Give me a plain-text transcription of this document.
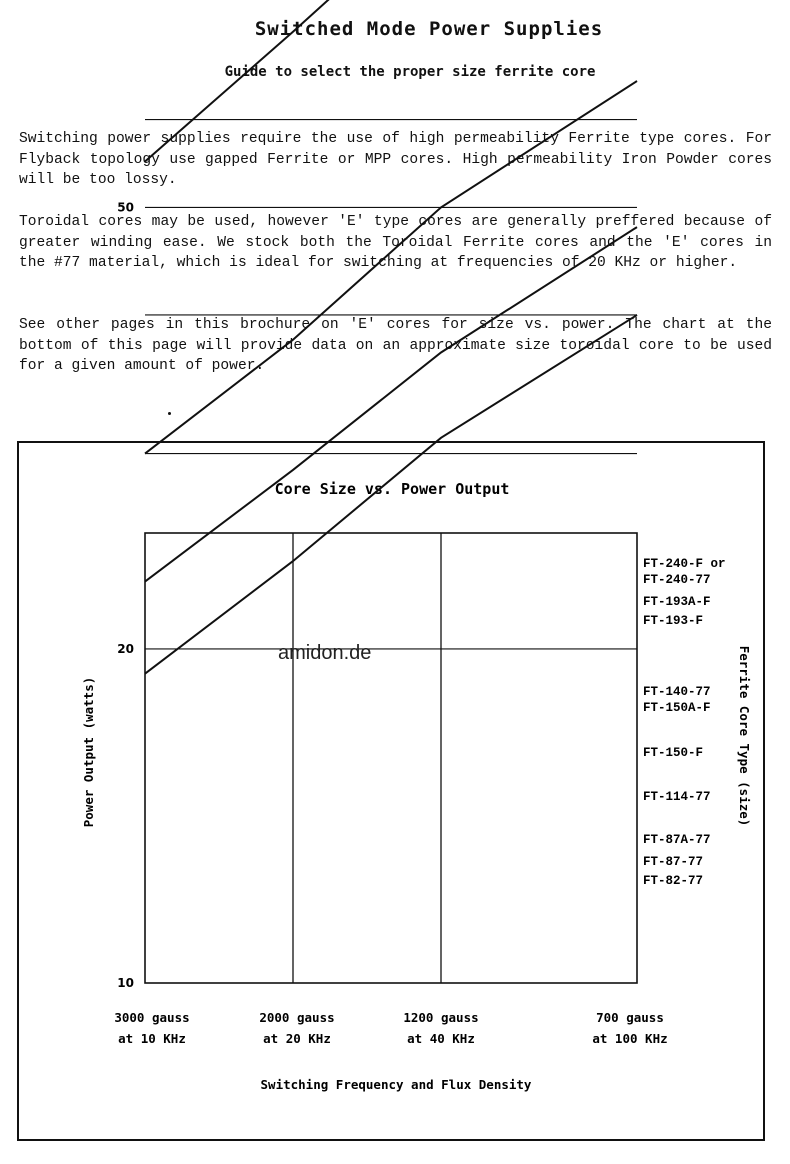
Switched Mode Power Supplies
Guide to select the proper size ferrite core

Switching power supplies require the use of high permeability Ferrite type cores. For Flyback topology use gapped Ferrite or MPP cores. High permeability Iron Powder cores will be too lossy.

Toroidal cores may be used, however 'E' type cores are generally preffered because of greater winding ease. We stock both the Toroidal Ferrite cores and the 'E' cores in the #77 material, which is ideal for switching at frequencies of 20 KHz or higher.

See other pages in this brochure on 'E' cores for size vs. power. The chart at the bottom of this page will provide data on an approximate size toroidal core to be used for a given amount of power.

Core Size vs. Power Output
10
20
50
3000 gauss
at 10 KHz
2000 gauss
at 20 KHz
1200 gauss
at 40 KHz
700 gauss
at 100 KHz
FT-240-F or
FT-240-77
FT-193A-F
FT-193-F
FT-140-77
FT-150A-F
FT-150-F
FT-114-77
FT-87A-77
FT-87-77
FT-82-77
Power Output (watts)	Ferrite Core Type (size)
Switching Frequency and Flux Density
amidon.de
